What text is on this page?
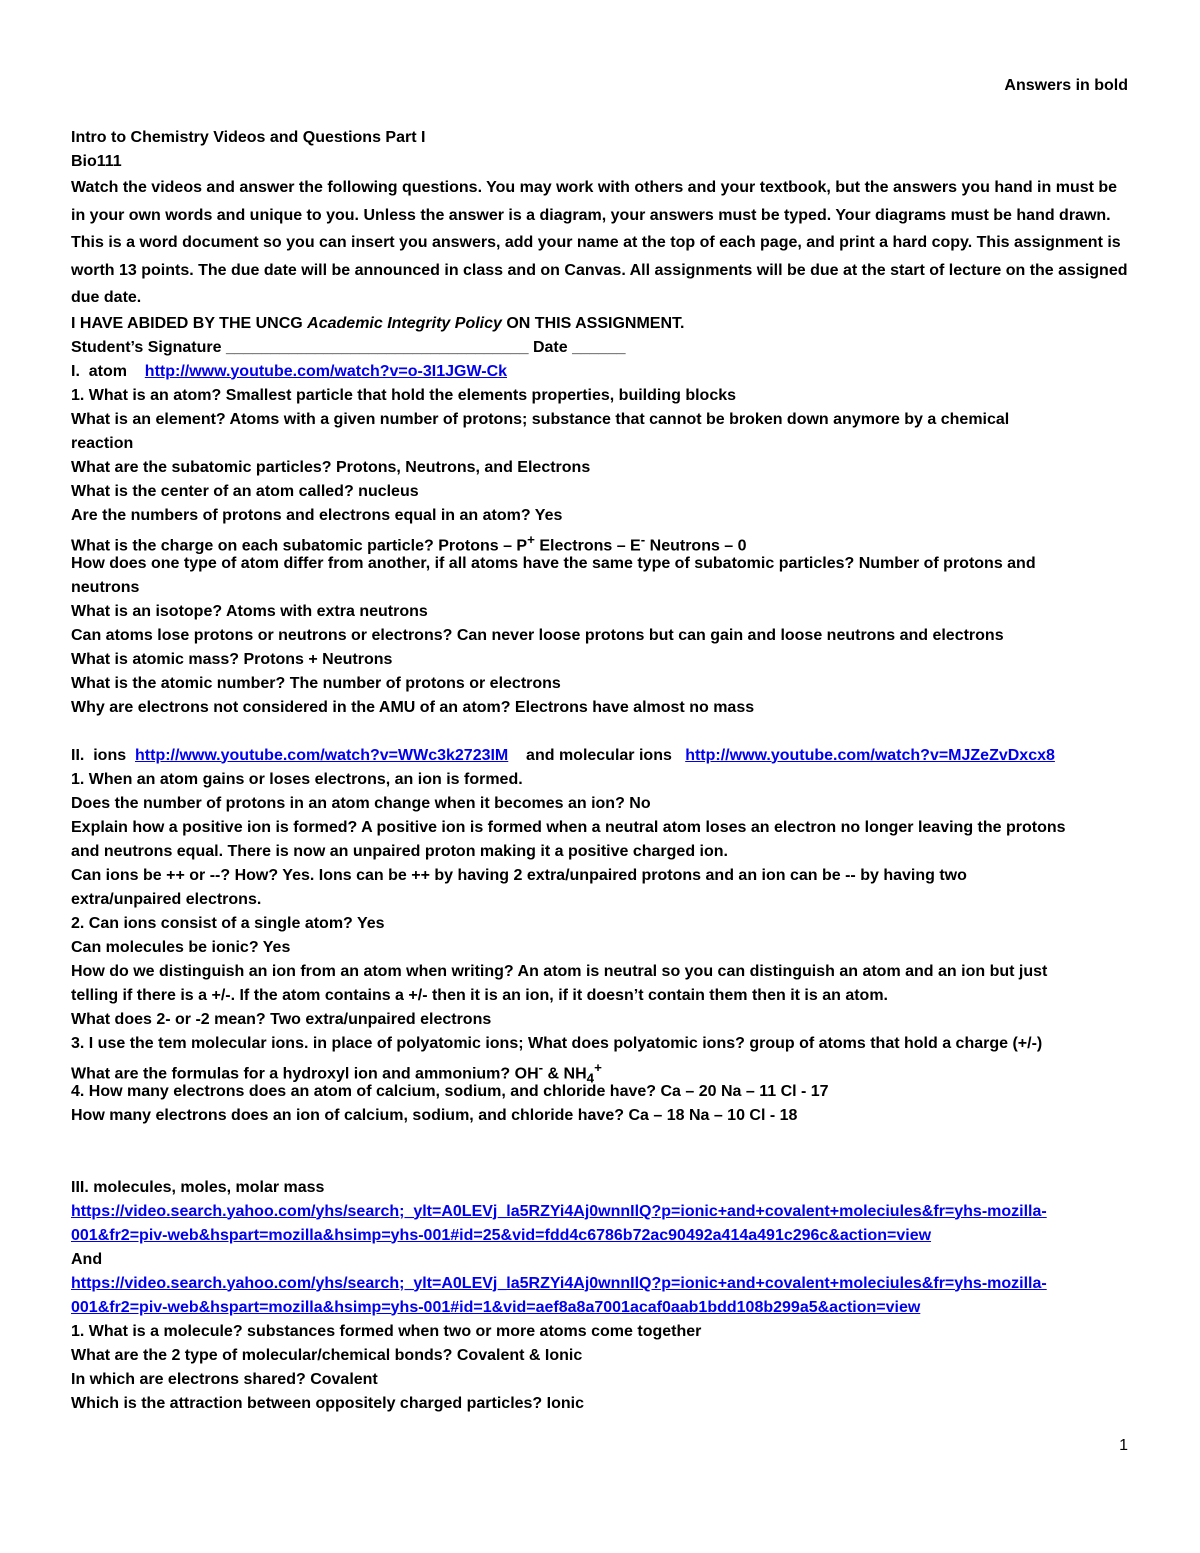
Answers in bold
Intro to Chemistry Videos and Questions Part I
Bio111

Watch the videos and answer the following questions. You may work with others and your textbook, but the answers you hand in must be in your own words and unique to you. Unless the answer is a diagram, your answers must be typed. Your diagrams must be hand drawn. This is a word document so you can insert you answers, add your name at the top of each page, and print a hard copy. This assignment is worth 13 points. The due date will be announced in class and on Canvas. All assignments will be due at the start of lecture on the assigned due date.

I HAVE ABIDED BY THE UNCG Academic Integrity Policy ON THIS ASSIGNMENT.
Student’s Signature __________________________________ Date ______
I.  atom    http://www.youtube.com/watch?v=o-3I1JGW-Ck
1. What is an atom? Smallest particle that hold the elements properties, building blocks
What is an element? Atoms with a given number of protons; substance that cannot be broken down anymore by a chemical
reaction
What are the subatomic particles? Protons, Neutrons, and Electrons
What is the center of an atom called? nucleus
Are the numbers of protons and electrons equal in an atom? Yes
What is the charge on each subatomic particle? Protons – P+ Electrons – E- Neutrons – 0
How does one type of atom differ from another, if all atoms have the same type of subatomic particles? Number of protons and
neutrons
What is an isotope? Atoms with extra neutrons
Can atoms lose protons or neutrons or electrons? Can never loose protons but can gain and loose neutrons and electrons
What is atomic mass? Protons + Neutrons
What is the atomic number? The number of protons or electrons
Why are electrons not considered in the AMU of an atom? Electrons have almost no mass
II.  ions  http://www.youtube.com/watch?v=WWc3k2723IM    and molecular ions   http://www.youtube.com/watch?v=MJZeZvDxcx8
1. When an atom gains or loses electrons, an ion is formed.
Does the number of protons in an atom change when it becomes an ion? No
Explain how a positive ion is formed? A positive ion is formed when a neutral atom loses an electron no longer leaving the protons
and neutrons equal. There is now an unpaired proton making it a positive charged ion.
Can ions be ++ or --? How? Yes. Ions can be ++ by having 2 extra/unpaired protons and an ion can be -- by having two
extra/unpaired electrons.
2. Can ions consist of a single atom? Yes
Can molecules be ionic? Yes
How do we distinguish an ion from an atom when writing? An atom is neutral so you can distinguish an atom and an ion but just
telling if there is a +/-. If the atom contains a +/- then it is an ion, if it doesn’t contain them then it is an atom.
What does 2- or -2 mean? Two extra/unpaired electrons
3. I use the tem molecular ions. in place of polyatomic ions; What does polyatomic ions? group of atoms that hold a charge (+/-)
What are the formulas for a hydroxyl ion and ammonium? OH- & $NH_4^+$
4. How many electrons does an atom of calcium, sodium, and chloride have? Ca – 20 Na – 11 Cl - 17
How many electrons does an ion of calcium, sodium, and chloride have? Ca – 18 Na – 10 Cl - 18
III. molecules, moles, molar mass
https://video.search.yahoo.com/yhs/search;_ylt=A0LEVj_la5RZYi4Aj0wnnIlQ?p=ionic+and+covalent+moleciules&fr=yhs-mozilla-
001&fr2=piv-web&hspart=mozilla&hsimp=yhs-001#id=25&vid=fdd4c6786b72ac90492a414a491c296c&action=view
And
https://video.search.yahoo.com/yhs/search;_ylt=A0LEVj_la5RZYi4Aj0wnnIlQ?p=ionic+and+covalent+moleciules&fr=yhs-mozilla-
001&fr2=piv-web&hspart=mozilla&hsimp=yhs-001#id=1&vid=aef8a8a7001acaf0aab1bdd108b299a5&action=view
1. What is a molecule? substances formed when two or more atoms come together
What are the 2 type of molecular/chemical bonds? Covalent & Ionic
In which are electrons shared? Covalent
Which is the attraction between oppositely charged particles? Ionic
1
